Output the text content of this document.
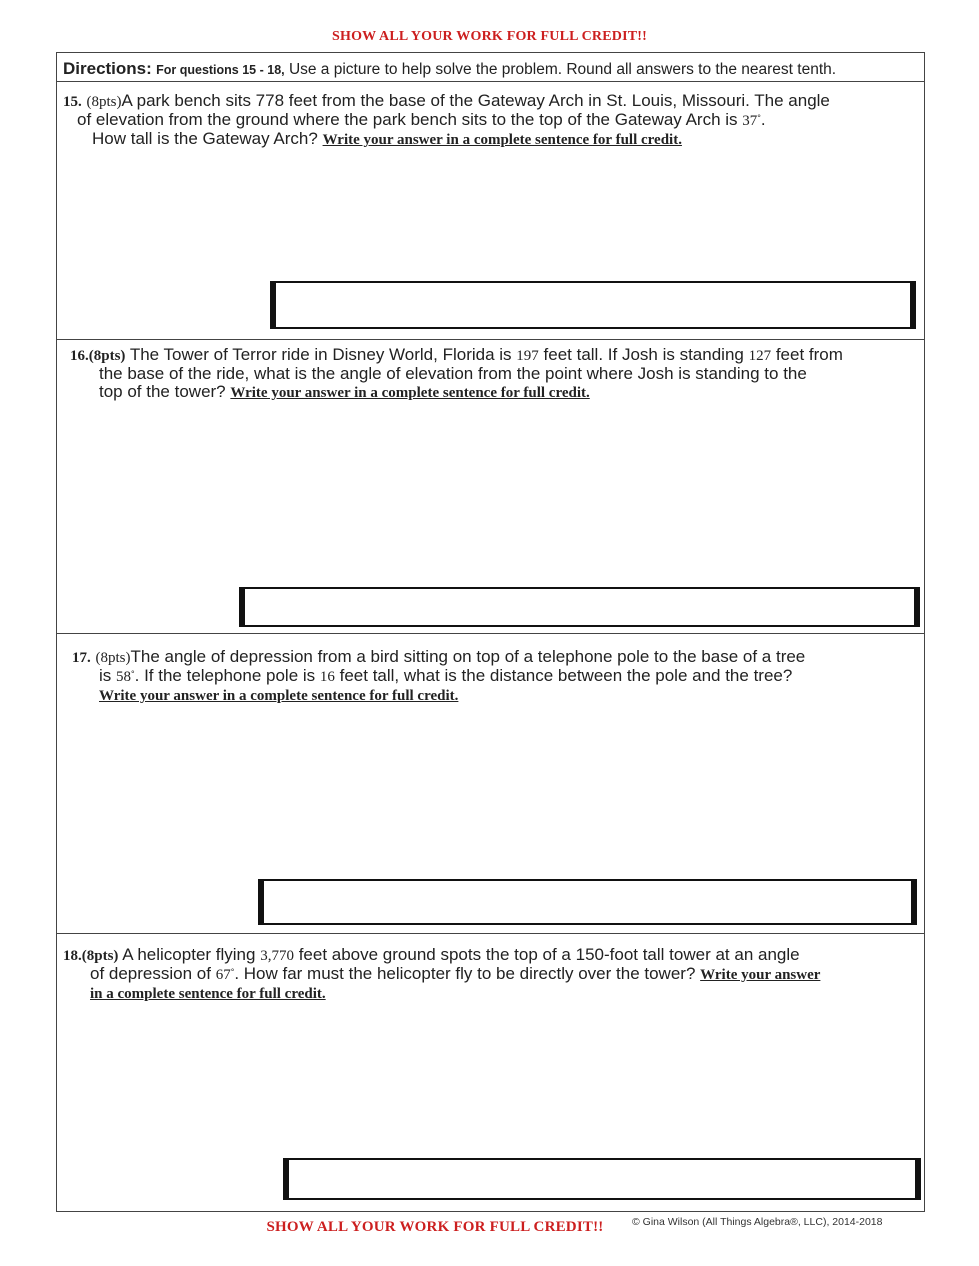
SHOW ALL YOUR WORK FOR FULL CREDIT!!
Directions: For questions 15 - 18, Use a picture to help solve the problem. Round all answers to the nearest tenth.
15. (8pts)A park bench sits 778 feet from the base of the Gateway Arch in St. Louis, Missouri. The angle
of elevation from the ground where the park bench sits to the top of the Gateway Arch is 37°.
How tall is the Gateway Arch? Write your answer in a complete sentence for full credit.
16.(8pts) The Tower of Terror ride in Disney World, Florida is 197 feet tall. If Josh is standing 127 feet from
the base of the ride, what is the angle of elevation from the point where Josh is standing to the
top of the tower? Write your answer in a complete sentence for full credit.
17. (8pts)The angle of depression from a bird sitting on top of a telephone pole to the base of a tree
is 58°. If the telephone pole is 16 feet tall, what is the distance between the pole and the tree?
Write your answer in a complete sentence for full credit.
18.(8pts) A helicopter flying 3,770 feet above ground spots the top of a 150-foot tall tower at an angle
of depression of 67°. How far must the helicopter fly to be directly over the tower? Write your answer
in a complete sentence for full credit.
SHOW ALL YOUR WORK FOR FULL CREDIT!!	© Gina Wilson (All Things Algebra®, LLC), 2014-2018
